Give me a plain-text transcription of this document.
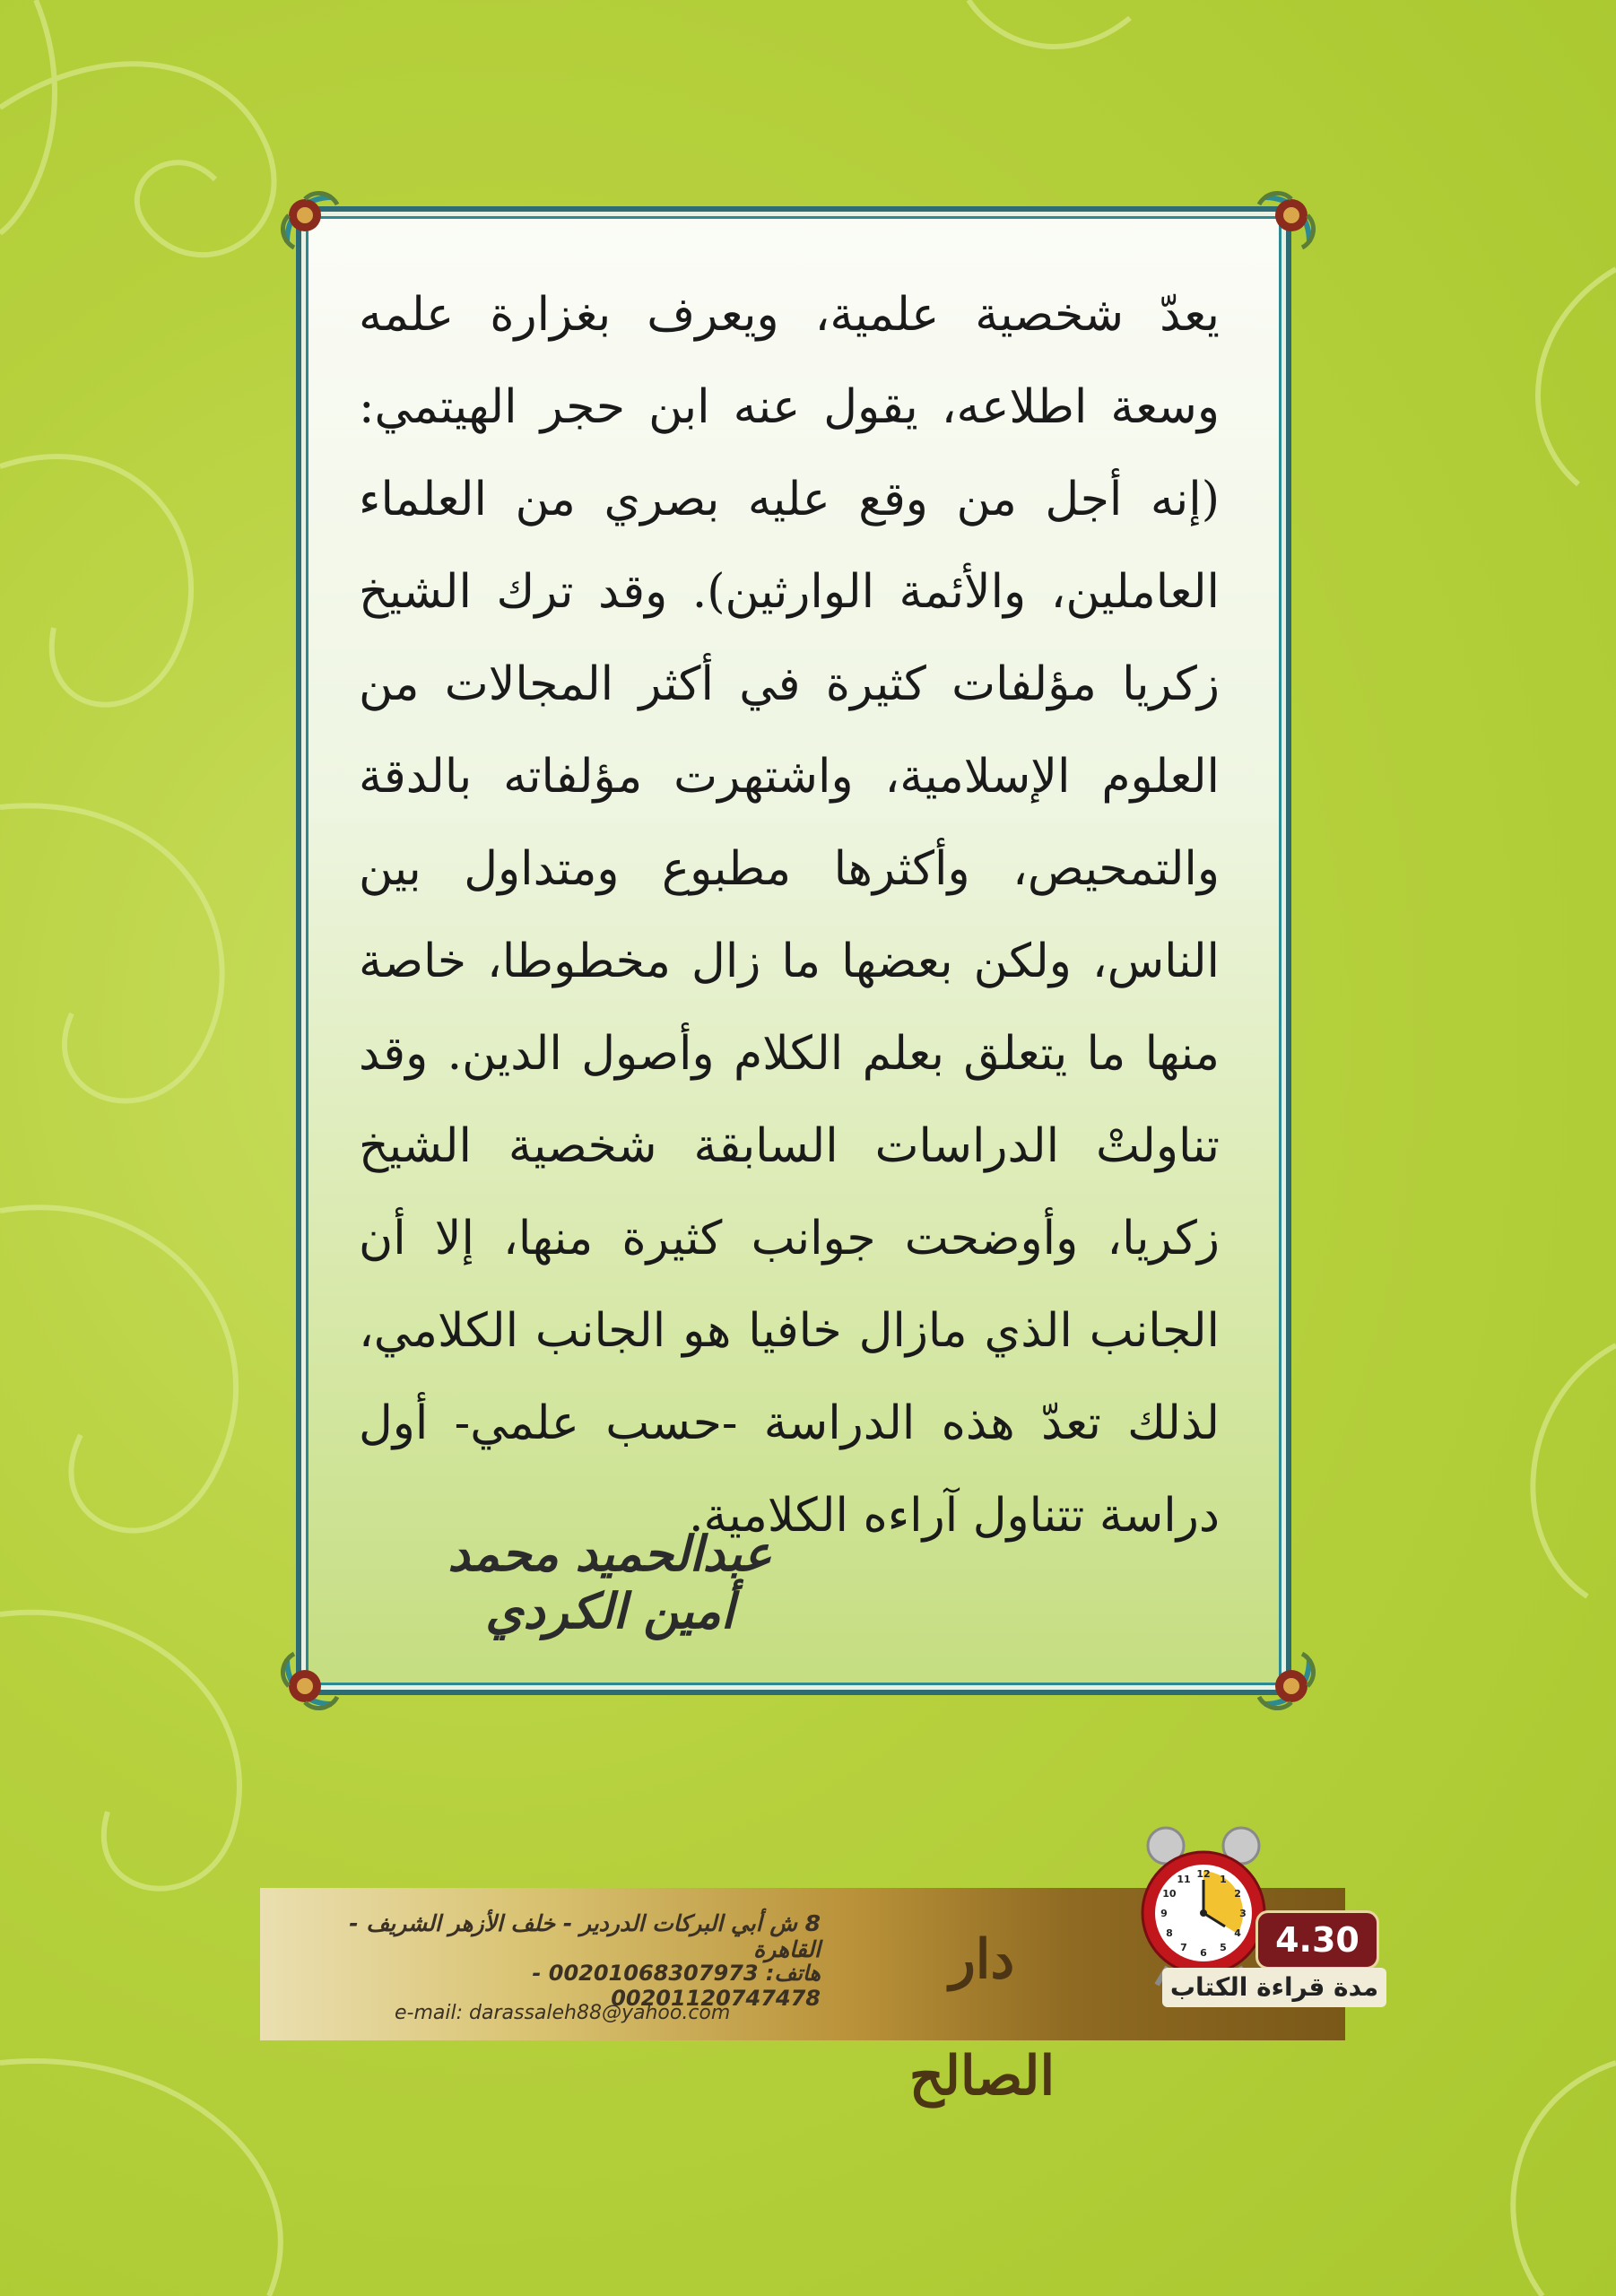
يعدّ شخصية علمية، ويعرف بغزارة علمه وسعة اطلاعه، يقول عنه ابن حجر الهيتمي: (إنه أجل من وقع عليه بصري من العلماء العاملين، والأئمة الوارثين). وقد ترك الشيخ زكريا مؤلفات كثيرة في أكثر المجالات من العلوم الإسلامية، واشتهرت مؤلفاته بالدقة والتمحيص، وأكثرها مطبوع ومتداول بين الناس، ولكن بعضها ما زال مخطوطا، خاصة منها ما يتعلق بعلم الكلام وأصول الدين. وقد تناولتْ الدراسات السابقة شخصية الشيخ زكريا، وأوضحت جوانب كثيرة منها، إلا أن الجانب الذي مازال خافيا هو الجانب الكلامي، لذلك تعدّ هذه الدراسة -حسب علمي- أول دراسة تتناول آراءه الكلامية.
عبدالحميد محمد أمين الكردي
8 ش أبي البركات الدردير - خلف الأزهر الشريف - القاهرة
هاتف: 00201068307973 - 00201120747478
e-mail: darassaleh88@yahoo.com
دار الصالح
12 1
2
3
4
5
6
7
8
9
10
11
4.30
مدة قراءة الكتاب
